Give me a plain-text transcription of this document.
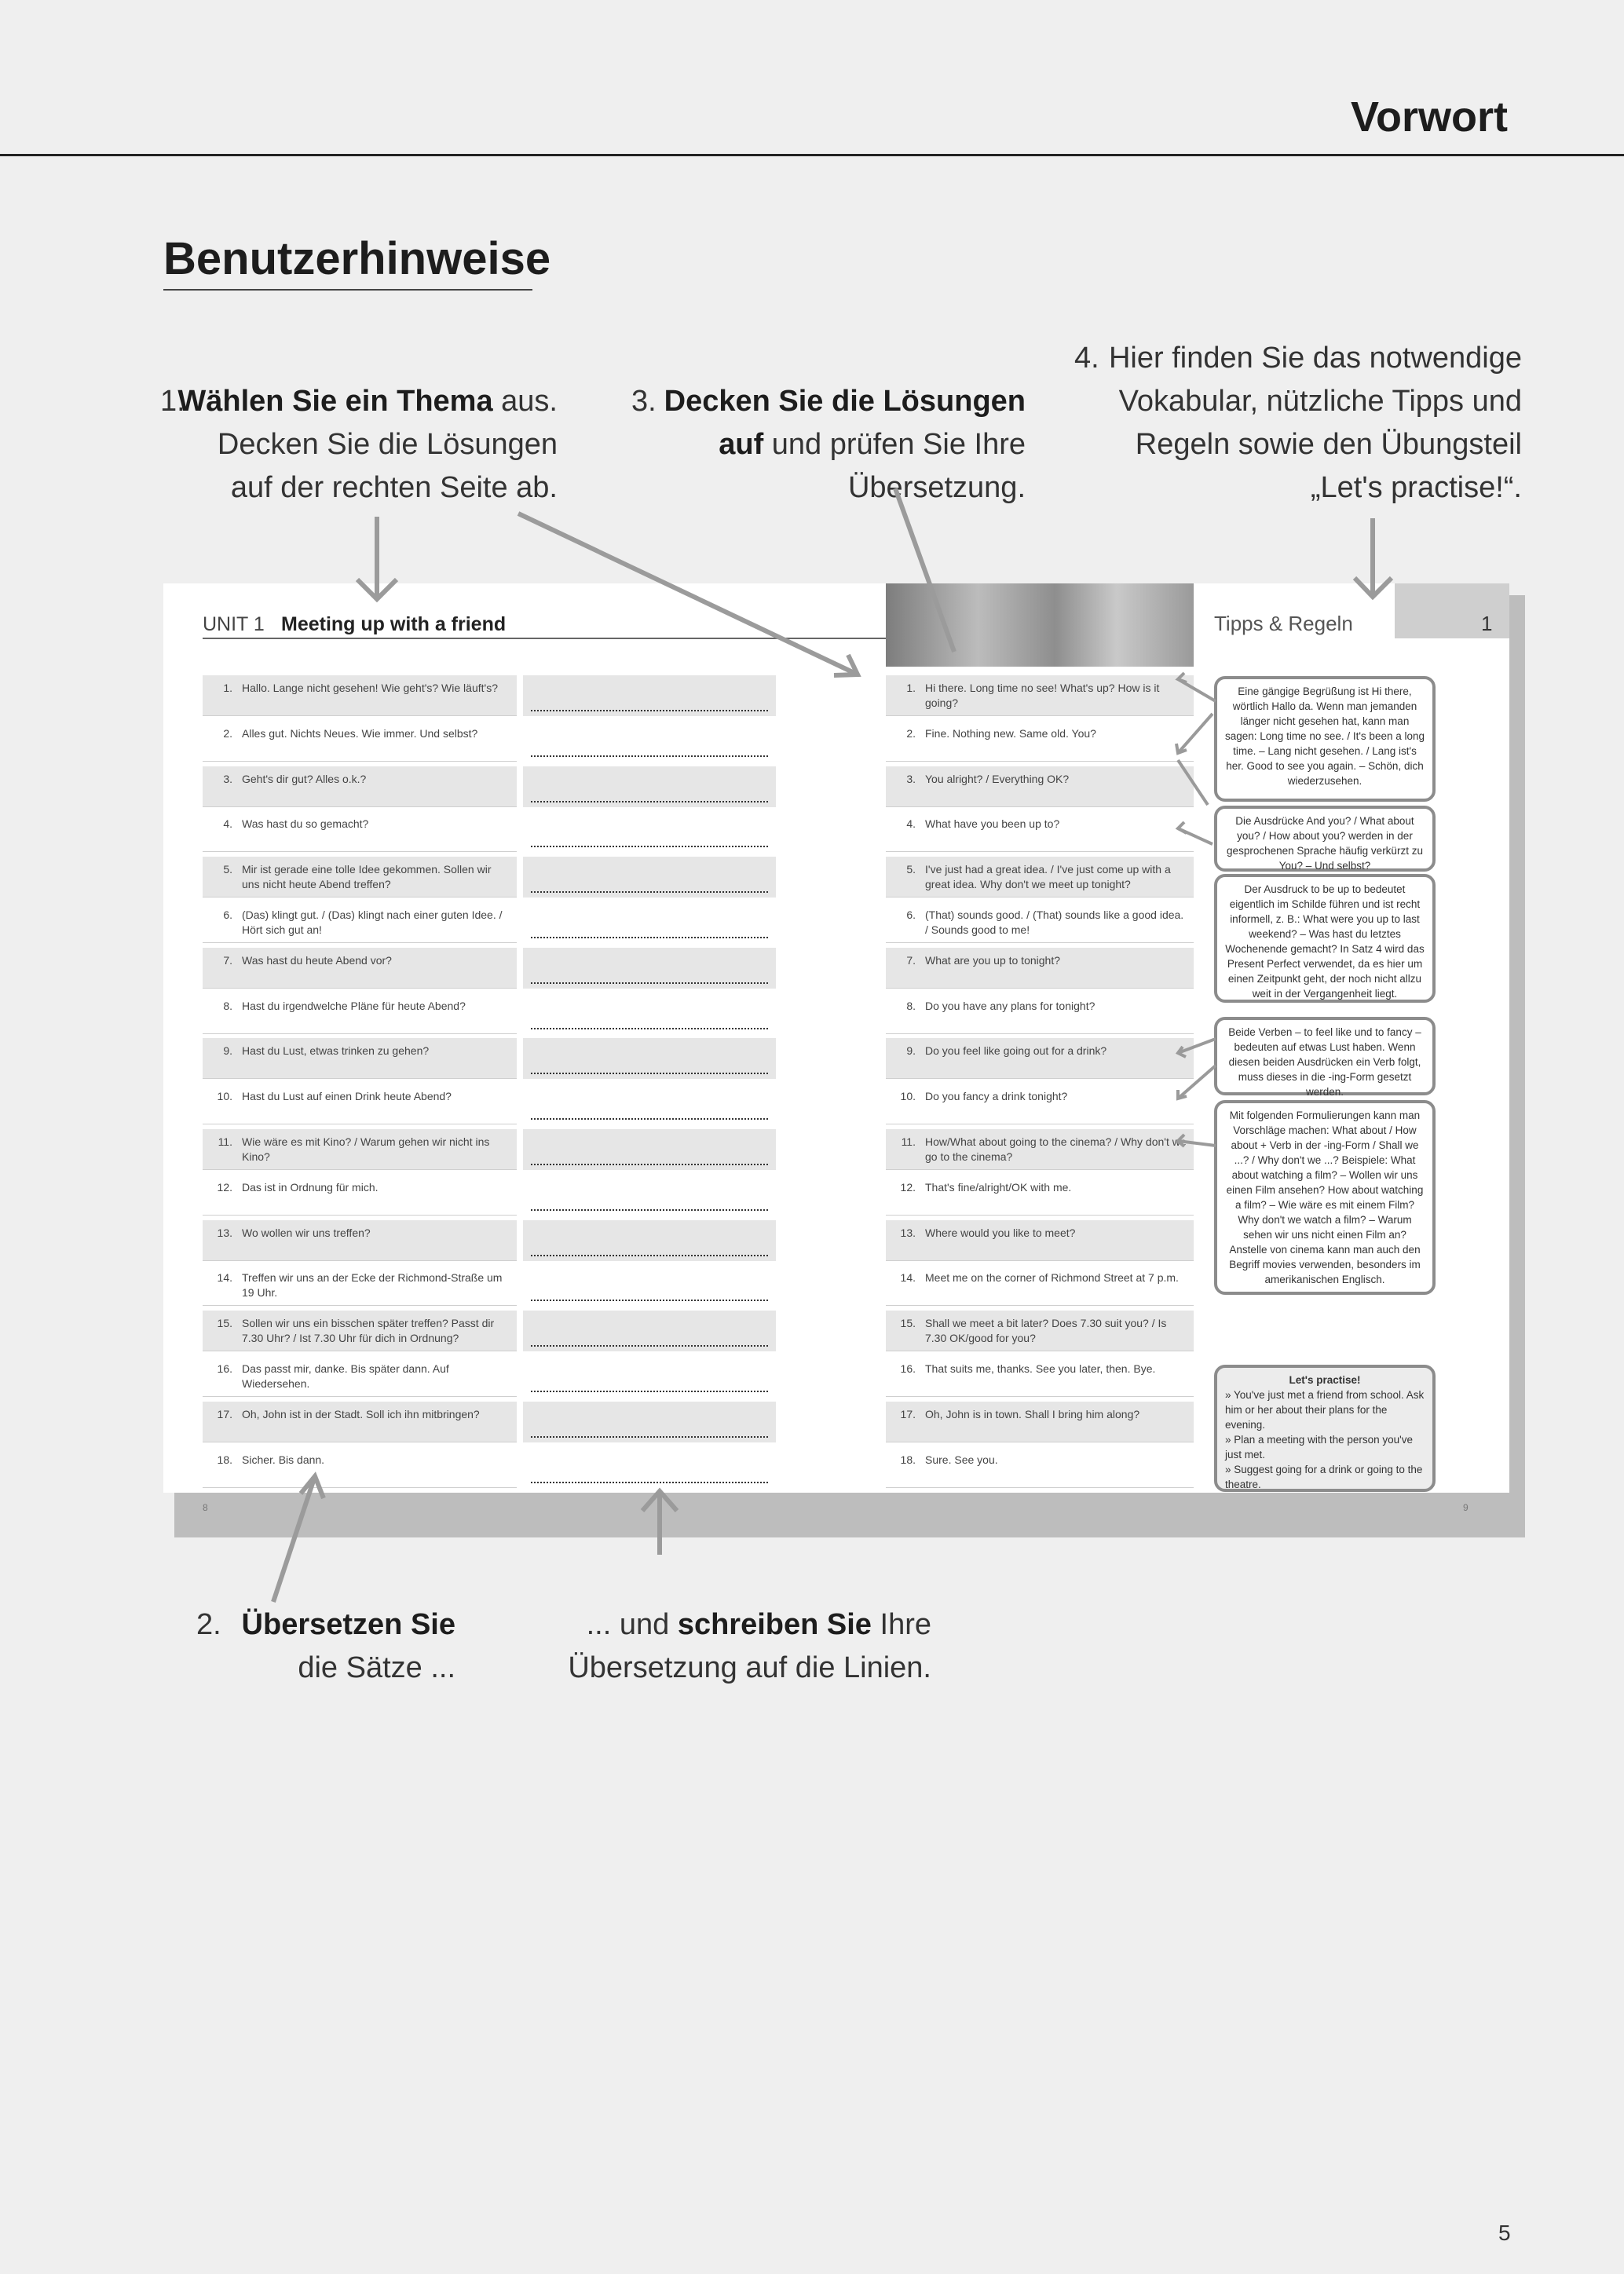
Vorwort
Benutzerhinweise
1.
Wählen Sie ein Thema aus.
Decken Sie die Lösungen
auf der rechten Seite ab.
3. Decken Sie die Lösungen
auf und prüfen Sie Ihre
Übersetzung.
4. Hier finden Sie das notwendige
Vokabular, nützliche Tipps und
Regeln sowie den Übungsteil
„Let's practise!“.
UNIT 1 Meeting up with a friend	Tipps & Regeln	1
1. Hallo. Lange nicht gesehen! Wie geht's? Wie läuft's?
2. Alles gut. Nichts Neues. Wie immer. Und selbst?
3. Geht's dir gut? Alles o.k.?
4. Was hast du so gemacht?
5. Mir ist gerade eine tolle Idee gekommen. Sollen wir uns nicht heute Abend treffen?
6. (Das) klingt gut. / (Das) klingt nach einer guten Idee. / Hört sich gut an!
7. Was hast du heute Abend vor?
8. Hast du irgendwelche Pläne für heute Abend?
9. Hast du Lust, etwas trinken zu gehen?
10. Hast du Lust auf einen Drink heute Abend?
11. Wie wäre es mit Kino? / Warum gehen wir nicht ins Kino?
12. Das ist in Ordnung für mich.
13. Wo wollen wir uns treffen?
14. Treffen wir uns an der Ecke der Richmond-Straße um 19 Uhr.
15. Sollen wir uns ein bisschen später treffen? Passt dir 7.30 Uhr? / Ist 7.30 Uhr für dich in Ordnung?
16. Das passt mir, danke. Bis später dann. Auf Wiedersehen.
17. Oh, John ist in der Stadt. Soll ich ihn mitbringen?
18. Sicher. Bis dann.
1. Hi there. Long time no see! What's up? How is it going?
2. Fine. Nothing new. Same old. You?
3. You alright? / Everything OK?
4. What have you been up to?
5. I've just had a great idea. / I've just come up with a great idea. Why don't we meet up tonight?
6. (That) sounds good. / (That) sounds like a good idea. / Sounds good to me!
7. What are you up to tonight?
8. Do you have any plans for tonight?
9. Do you feel like going out for a drink?
10. Do you fancy a drink tonight?
11. How/What about going to the cinema? / Why don't we go to the cinema?
12. That's fine/alright/OK with me.
13. Where would you like to meet?
14. Meet me on the corner of Richmond Street at 7 p.m.
15. Shall we meet a bit later? Does 7.30 suit you? / Is 7.30 OK/good for you?
16. That suits me, thanks. See you later, then. Bye.
17. Oh, John is in town. Shall I bring him along?
18. Sure. See you.
Eine gängige Begrüßung ist Hi there, wörtlich Hallo da. Wenn man jemanden länger nicht gesehen hat, kann man sagen: Long time no see. / It's been a long time. – Lang nicht gesehen. / Lang ist's her. Good to see you again. – Schön, dich wiederzusehen.
Die Ausdrücke And you? / What about you? / How about you? werden in der gesprochenen Sprache häufig verkürzt zu You? – Und selbst?
Der Ausdruck to be up to bedeutet eigentlich im Schilde führen und ist recht informell, z. B.: What were you up to last weekend? – Was hast du letztes Wochenende gemacht? In Satz 4 wird das Present Perfect verwendet, da es hier um einen Zeitpunkt geht, der noch nicht allzu weit in der Vergangenheit liegt.
Beide Verben – to feel like und to fancy – bedeuten auf etwas Lust haben. Wenn diesen beiden Ausdrücken ein Verb folgt, muss dieses in die -ing-Form gesetzt werden.
Mit folgenden Formulierungen kann man Vorschläge machen: What about / How about + Verb in der -ing-Form / Shall we ...? / Why don't we ...? Beispiele: What about watching a film? – Wollen wir uns einen Film ansehen? How about watching a film? – Wie wäre es mit einem Film? Why don't we watch a film? – Warum sehen wir uns nicht einen Film an? Anstelle von cinema kann man auch den Begriff movies verwenden, besonders im amerikanischen Englisch.
Let's practise!
» You've just met a friend from school. Ask him or her about their plans for the evening.
» Plan a meeting with the person you've just met.
» Suggest going for a drink or going to the theatre.
8	9
2. Übersetzen Sie
die Sätze ...
... und schreiben Sie Ihre
Übersetzung auf die Linien.
5
